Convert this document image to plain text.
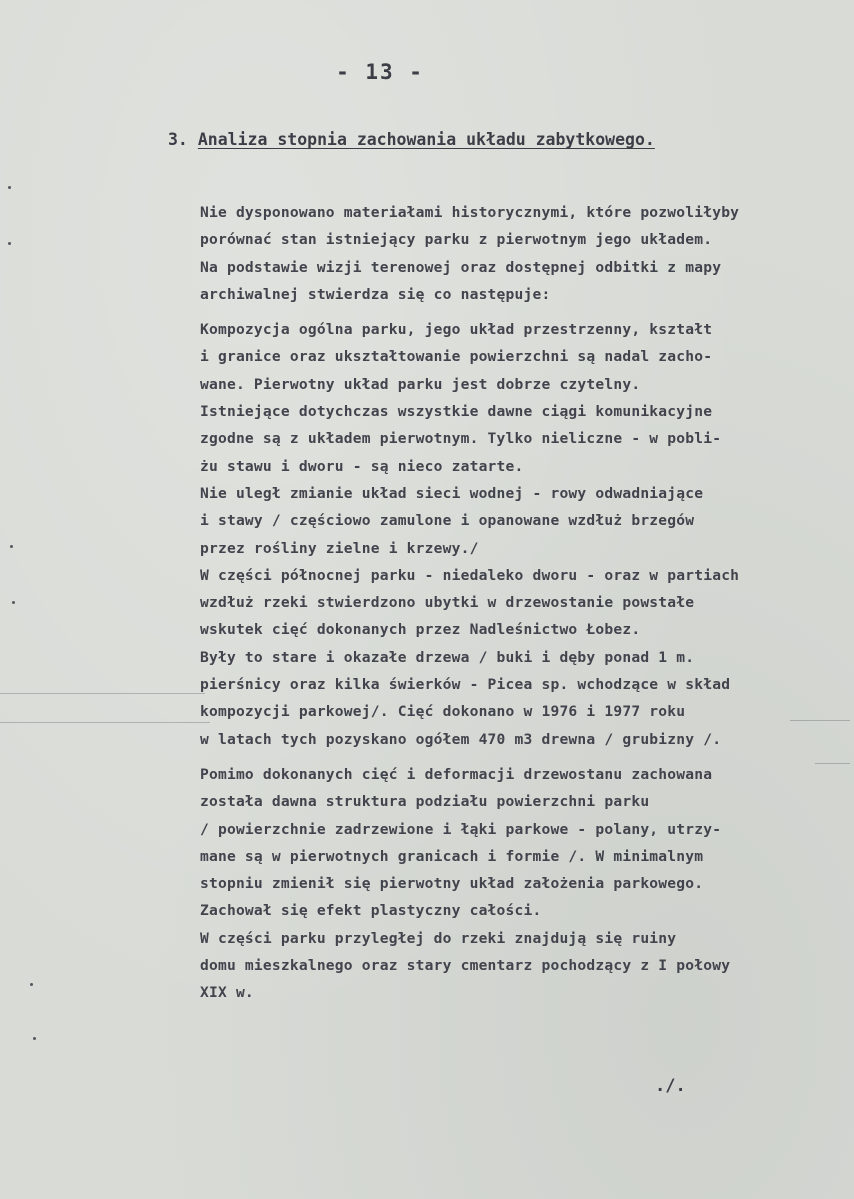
- 13 -
3. Analiza stopnia zachowania układu zabytkowego.
Nie dysponowano materiałami historycznymi, które pozwoliłyby
porównać stan istniejący parku z pierwotnym jego układem.
Na podstawie wizji terenowej oraz dostępnej odbitki z mapy
archiwalnej stwierdza się co następuje:
Kompozycja ogólna parku, jego układ przestrzenny, kształt
i granice oraz ukształtowanie powierzchni są nadal zacho-
wane. Pierwotny układ parku jest dobrze czytelny.
Istniejące dotychczas wszystkie dawne ciągi komunikacyjne
zgodne są z układem pierwotnym. Tylko nieliczne - w pobli-
żu stawu i dworu - są nieco zatarte.
Nie uległ zmianie układ sieci wodnej - rowy odwadniające
i stawy / częściowo zamulone i opanowane wzdłuż brzegów
przez rośliny zielne i krzewy./
W części północnej parku - niedaleko dworu - oraz w partiach
wzdłuż rzeki stwierdzono ubytki w drzewostanie powstałe
wskutek cięć dokonanych przez Nadleśnictwo Łobez.
Były to stare i okazałe drzewa / buki i dęby ponad 1 m.
pierśnicy oraz kilka świerków - Picea sp. wchodzące w skład
kompozycji parkowej/. Cięć dokonano w 1976 i 1977 roku
w latach tych pozyskano ogółem 470 m3 drewna / grubizny /.
Pomimo dokonanych cięć i deformacji drzewostanu zachowana
została dawna struktura podziału powierzchni parku
/ powierzchnie zadrzewione i łąki parkowe - polany, utrzy-
mane są w pierwotnych granicach i formie /. W minimalnym
stopniu zmienił się pierwotny układ założenia parkowego.
Zachował się efekt plastyczny całości.
W części parku przyległej do rzeki znajdują się ruiny
domu mieszkalnego oraz stary cmentarz pochodzący z I połowy
XIX w.
./.
